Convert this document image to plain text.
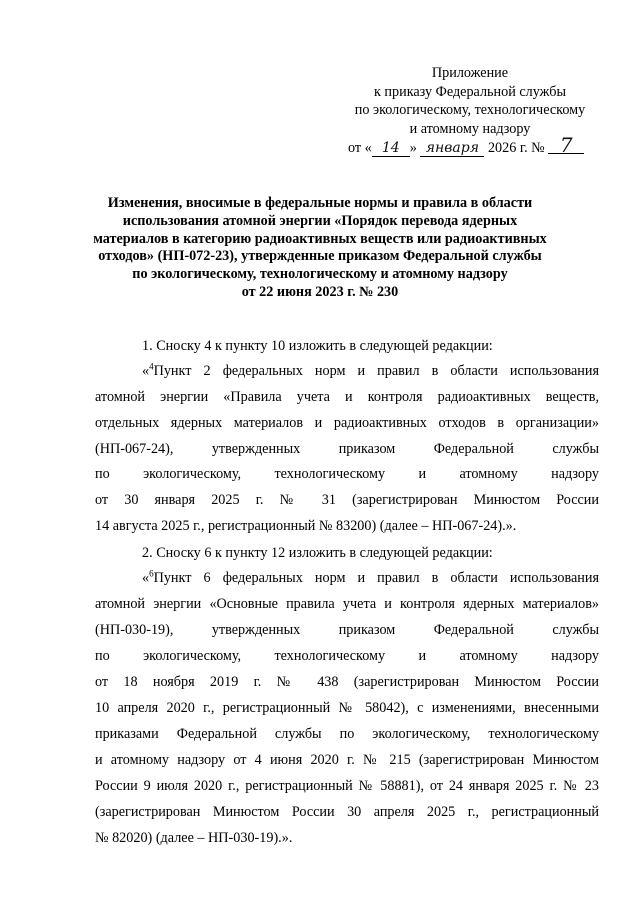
Приложение
к приказу Федеральной службы
по экологическому, технологическому
и атомному надзору
от « 14 » января 2026 г. № 7
Изменения, вносимые в федеральные нормы и правила в области
использования атомной энергии «Порядок перевода ядерных
материалов в категорию радиоактивных веществ или радиоактивных
отходов» (НП-072-23), утвержденные приказом Федеральной службы
по экологическому, технологическому и атомному надзору
от 22 июня 2023 г. № 230
1. Сноску 4 к пункту 10 изложить в следующей редакции:
«$^4$Пункт 2 федеральных норм и правил в области использования
атомной энергии «Правила учета и контроля радиоактивных веществ,
отдельных ядерных материалов и радиоактивных отходов в организации»
(НП-067-24), утвержденных приказом Федеральной службы
по экологическому, технологическому и атомному надзору
от 30 января 2025 г. № 31 (зарегистрирован Минюстом России
14 августа 2025 г., регистрационный № 83200) (далее – НП-067-24).».
2. Сноску 6 к пункту 12 изложить в следующей редакции:
«$^6$Пункт 6 федеральных норм и правил в области использования
атомной энергии «Основные правила учета и контроля ядерных материалов»
(НП-030-19), утвержденных приказом Федеральной службы
по экологическому, технологическому и атомному надзору
от 18 ноября 2019 г. № 438 (зарегистрирован Минюстом России
10 апреля 2020 г., регистрационный № 58042), с изменениями, внесенными
приказами Федеральной службы по экологическому, технологическому
и атомному надзору от 4 июня 2020 г. № 215 (зарегистрирован Минюстом
России 9 июля 2020 г., регистрационный № 58881), от 24 января 2025 г. № 23
(зарегистрирован Минюстом России 30 апреля 2025 г., регистрационный
№ 82020) (далее – НП-030-19).».
